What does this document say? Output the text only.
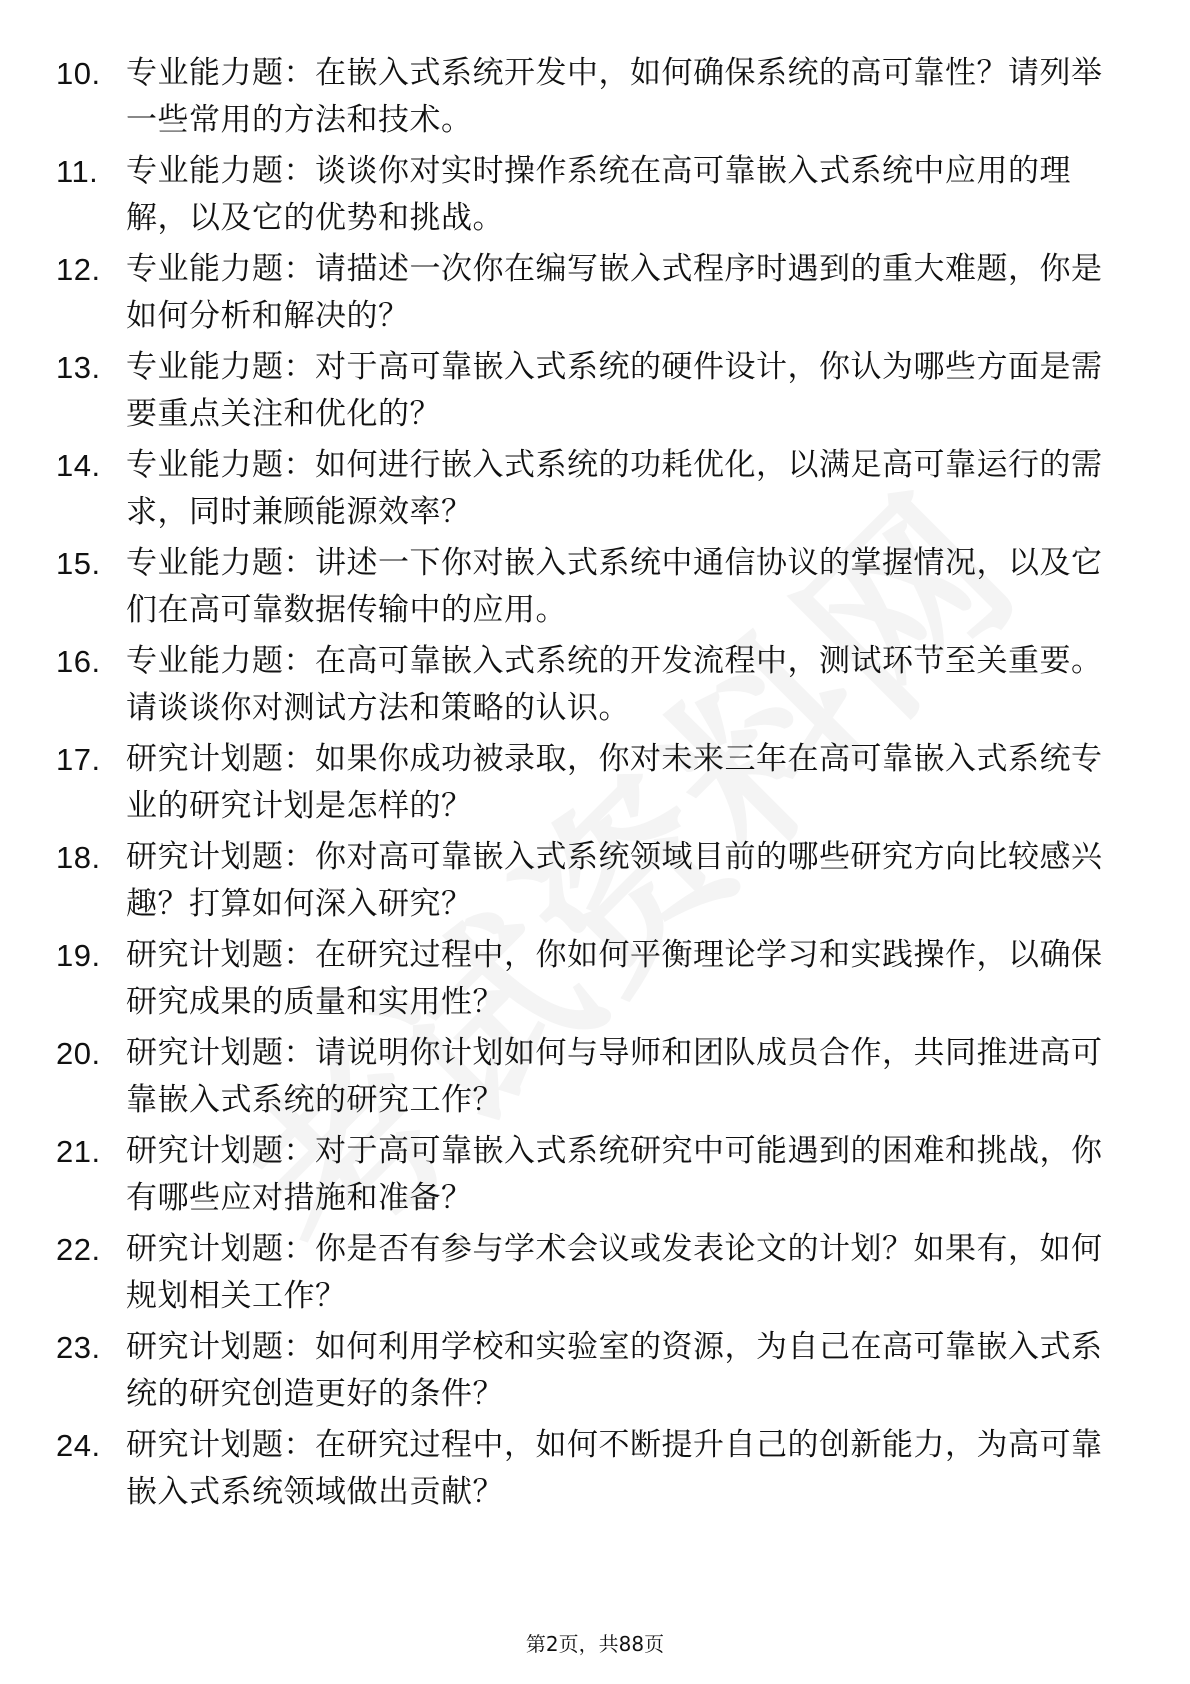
10. 专业能力题：在嵌入式系统开发中，如何确保系统的高可靠性？请列举一些常用的方法和技术。
11. 专业能力题：谈谈你对实时操作系统在高可靠嵌入式系统中应用的理解，以及它的优势和挑战。
12. 专业能力题：请描述一次你在编写嵌入式程序时遇到的重大难题，你是如何分析和解决的？
13. 专业能力题：对于高可靠嵌入式系统的硬件设计，你认为哪些方面是需要重点关注和优化的？
14. 专业能力题：如何进行嵌入式系统的功耗优化，以满足高可靠运行的需求，同时兼顾能源效率？
15. 专业能力题：讲述一下你对嵌入式系统中通信协议的掌握情况，以及它们在高可靠数据传输中的应用。
16. 专业能力题：在高可靠嵌入式系统的开发流程中，测试环节至关重要。请谈谈你对测试方法和策略的认识。
17. 研究计划题：如果你成功被录取，你对未来三年在高可靠嵌入式系统专业的研究计划是怎样的？
18. 研究计划题：你对高可靠嵌入式系统领域目前的哪些研究方向比较感兴趣？打算如何深入研究？
19. 研究计划题：在研究过程中，你如何平衡理论学习和实践操作，以确保研究成果的质量和实用性？
20. 研究计划题：请说明你计划如何与导师和团队成员合作，共同推进高可靠嵌入式系统的研究工作？
21. 研究计划题：对于高可靠嵌入式系统研究中可能遇到的困难和挑战，你有哪些应对措施和准备？
22. 研究计划题：你是否有参与学术会议或发表论文的计划？如果有，如何规划相关工作？
23. 研究计划题：如何利用学校和实验室的资源，为自己在高可靠嵌入式系统的研究创造更好的条件？
24. 研究计划题：在研究过程中，如何不断提升自己的创新能力，为高可靠嵌入式系统领域做出贡献？
第2页，共88页
